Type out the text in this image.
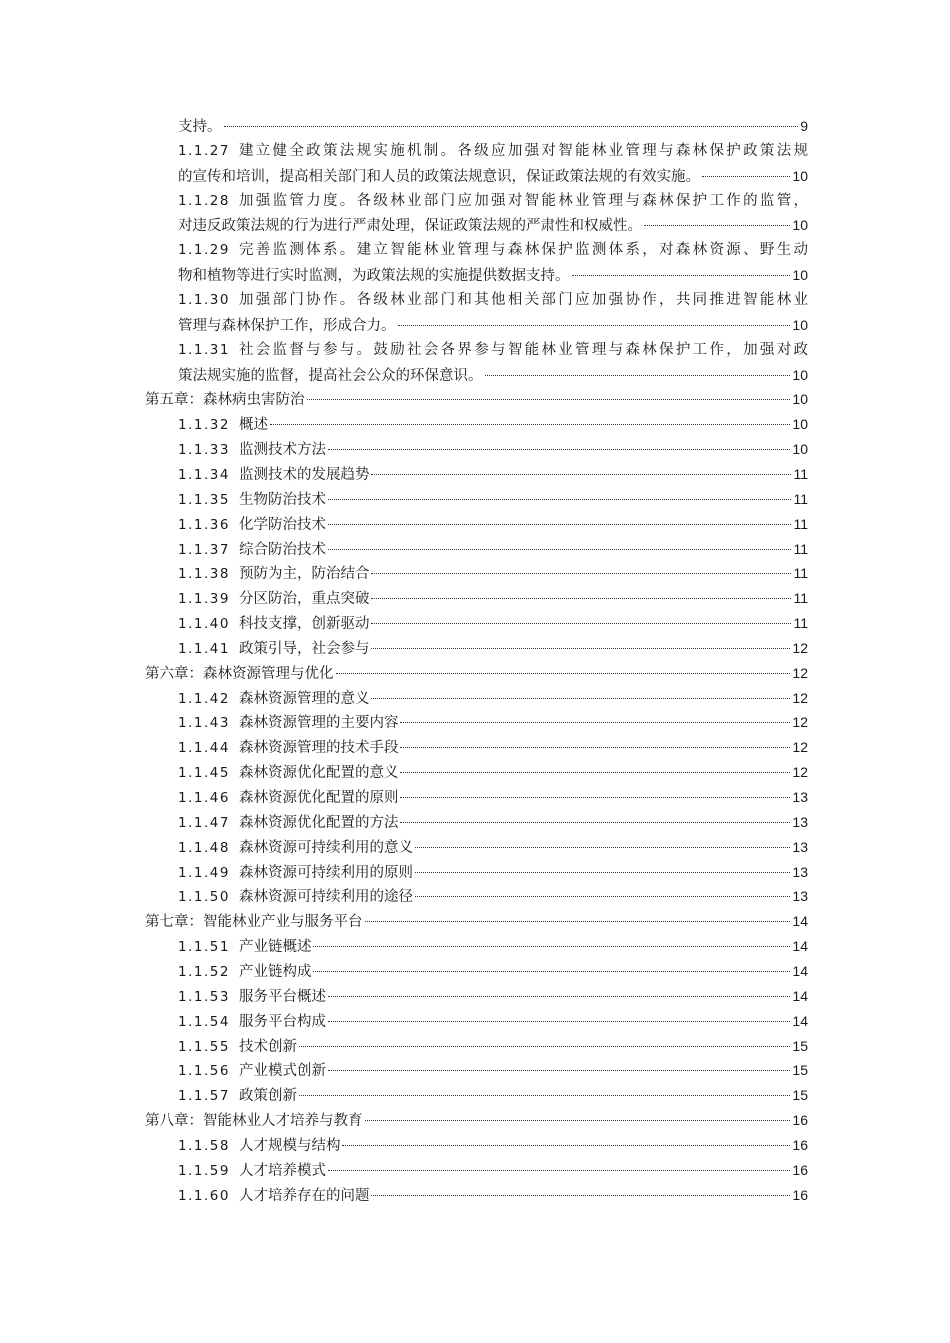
支持。	9
1.1.27 建立健全政策法规实施机制。各级应加强对智能林业管理与森林保护政策法规
的宣传和培训，提高相关部门和人员的政策法规意识，保证政策法规的有效实施。	10
1.1.28 加强监管力度。各级林业部门应加强对智能林业管理与森林保护工作的监管，
对违反政策法规的行为进行严肃处理，保证政策法规的严肃性和权威性。	10
1.1.29 完善监测体系。建立智能林业管理与森林保护监测体系，对森林资源、野生动
物和植物等进行实时监测，为政策法规的实施提供数据支持。	10
1.1.30 加强部门协作。各级林业部门和其他相关部门应加强协作，共同推进智能林业
管理与森林保护工作，形成合力。	10
1.1.31 社会监督与参与。鼓励社会各界参与智能林业管理与森林保护工作，加强对政
策法规实施的监督，提高社会公众的环保意识。	10
第五章：森林病虫害防治	10
1.1.32 概述	10
1.1.33 监测技术方法	10
1.1.34 监测技术的发展趋势	11
1.1.35 生物防治技术	11
1.1.36 化学防治技术	11
1.1.37 综合防治技术	11
1.1.38 预防为主，防治结合	11
1.1.39 分区防治，重点突破	11
1.1.40 科技支撑，创新驱动	11
1.1.41 政策引导，社会参与	12
第六章：森林资源管理与优化	12
1.1.42 森林资源管理的意义	12
1.1.43 森林资源管理的主要内容	12
1.1.44 森林资源管理的技术手段	12
1.1.45 森林资源优化配置的意义	12
1.1.46 森林资源优化配置的原则	13
1.1.47 森林资源优化配置的方法	13
1.1.48 森林资源可持续利用的意义	13
1.1.49 森林资源可持续利用的原则	13
1.1.50 森林资源可持续利用的途径	13
第七章：智能林业产业与服务平台	14
1.1.51 产业链概述	14
1.1.52 产业链构成	14
1.1.53 服务平台概述	14
1.1.54 服务平台构成	14
1.1.55 技术创新	15
1.1.56 产业模式创新	15
1.1.57 政策创新	15
第八章：智能林业人才培养与教育	16
1.1.58 人才规模与结构	16
1.1.59 人才培养模式	16
1.1.60 人才培养存在的问题	16
